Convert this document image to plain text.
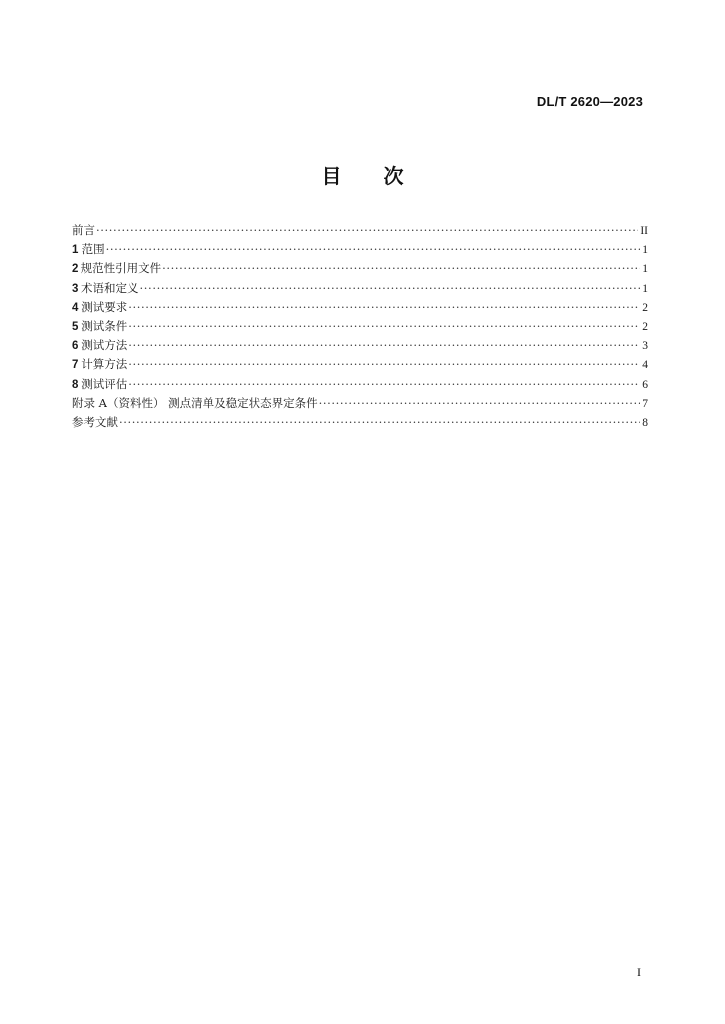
DL/T 2620—2023
目次
前言 ·····	II
1 范围 ·····	1
2 规范性引用文件 ·····	1
3 术语和定义 ·····	1
4 测试要求 ·····	2
5 测试条件 ·····	2
6 测试方法 ·····	3
7 计算方法 ·····	4
8 测试评估 ·····	6
附录 A（资料性） 测点清单及稳定状态界定条件 ·····	7
参考文献 ·····	8
I
